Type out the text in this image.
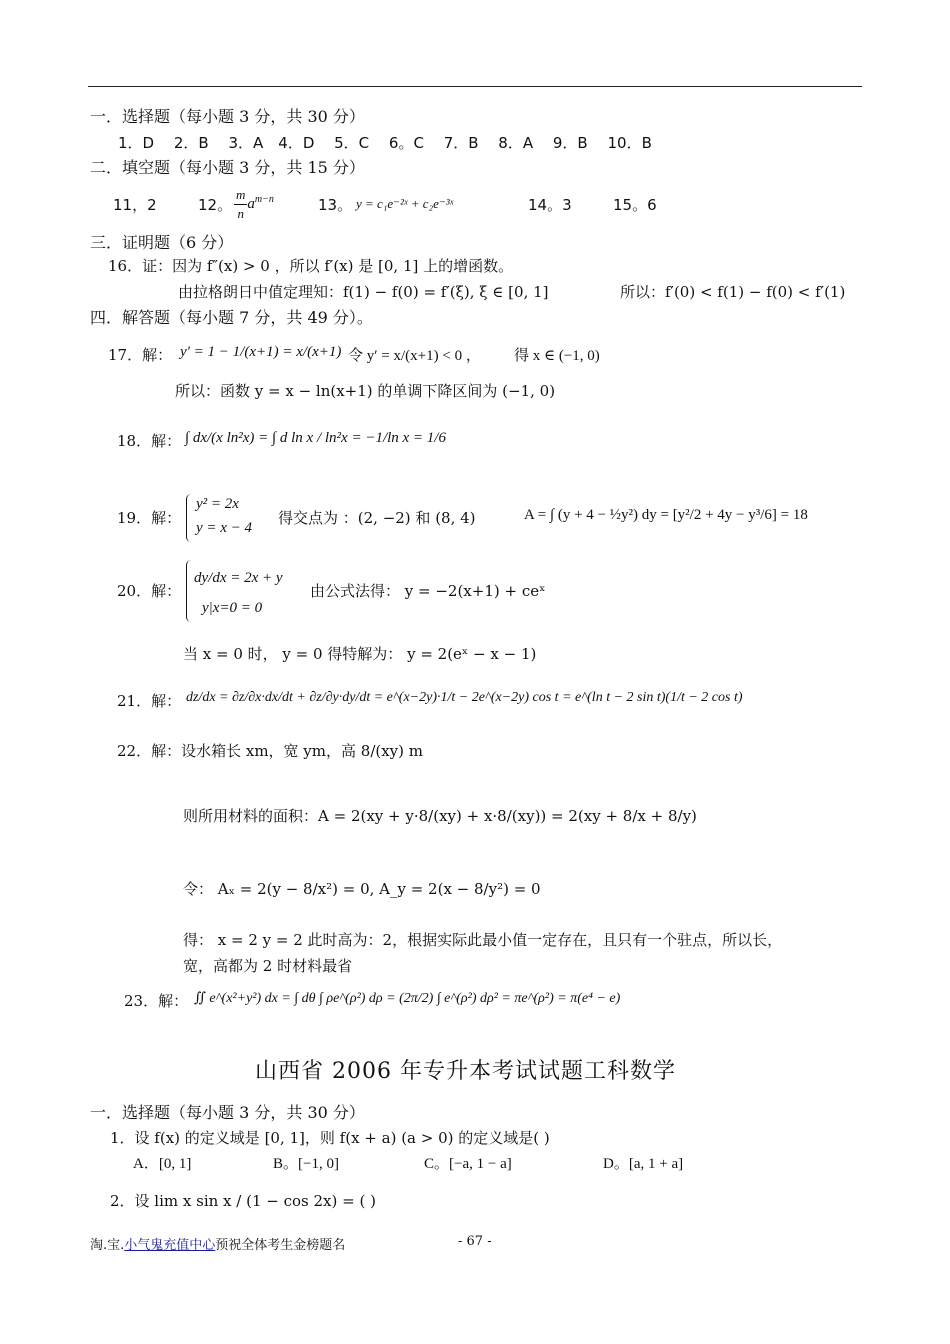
一．选择题（每小题 3 分，共 30 分）
1．D　 2．B　 3．A　4．D　 5．C　 6。C　 7．B　 8．A　 9．B　 10．B
二．填空题（每小题 3 分，共 15 分）
11，2	12。 $\frac{m}{n} a^{m-n}$	13。 y = c₁e⁻²ˣ + c₂e⁻³ˣ	14。3	15。6
三．证明题（6 分）
16．证：因为 f″(x) > 0 ，所以 f′(x) 是 [0, 1] 上的增函数。
由拉格朗日中值定理知：f(1) − f(0) = f′(ξ), ξ ∈ [0, 1]	所以：f′(0) < f(1) − f(0) < f′(1)
四．解答题（每小题 7 分，共 49 分）。
17．解： y′ = 1 − 1/(x+1) = x/(x+1) 令 y′ = x/(x+1) < 0 ， 得 x ∈ (−1, 0)
所以：函数 y = x − ln(x+1) 的单调下降区间为 (−1, 0)
18．解： ∫ dx/(x ln²x) = ∫ d ln x / ln²x = −1/ln x = 1/6
19．解：
y² = 2x
y = x − 4
得交点为 ：(2, −2) 和 (8, 4)	A = ∫ (y + 4 − ½y²) dy = [y²/2 + 4y − y³/6] = 18
20．解：
dy/dx = 2x + y
y|x=0 = 0
由公式法得： y = −2(x+1) + ceˣ
当 x = 0 时， y = 0 得特解为： y = 2(eˣ − x − 1)
21．解： dz/dx = ∂z/∂x·dx/dt + ∂z/∂y·dy/dt = e^(x−2y)·1/t − 2e^(x−2y) cos t = e^(ln t − 2 sin t)(1/t − 2 cos t)
22．解：设水箱长 xm，宽 ym，高 8/(xy) m
则所用材料的面积：A = 2(xy + y·8/(xy) + x·8/(xy)) = 2(xy + 8/x + 8/y)
令： Aₓ = 2(y − 8/x²) = 0, A_y = 2(x − 8/y²) = 0
得： x = 2 y = 2 此时高为：2，根据实际此最小值一定存在，且只有一个驻点，所以长，
宽，高都为 2 时材料最省
23．解： ∬ e^(x²+y²) dx = ∫ dθ ∫ ρe^(ρ²) dρ = (2π/2) ∫ e^(ρ²) dρ² = πe^(ρ²) = π(e⁴ − e)
山西省 2006 年专升本考试试题工科数学
一．选择题（每小题 3 分，共 30 分）
1．设 f(x) 的定义域是 [0, 1]，则 f(x + a) (a > 0) 的定义域是( )
A．[0, 1]	B。[−1, 0]	C。[−a, 1 − a]	D。[a, 1 + a]
2．设 lim x sin x / (1 − cos 2x) = ( )
淘.宝.小气鬼充值中心预祝全体考生金榜题名	- 67 -
